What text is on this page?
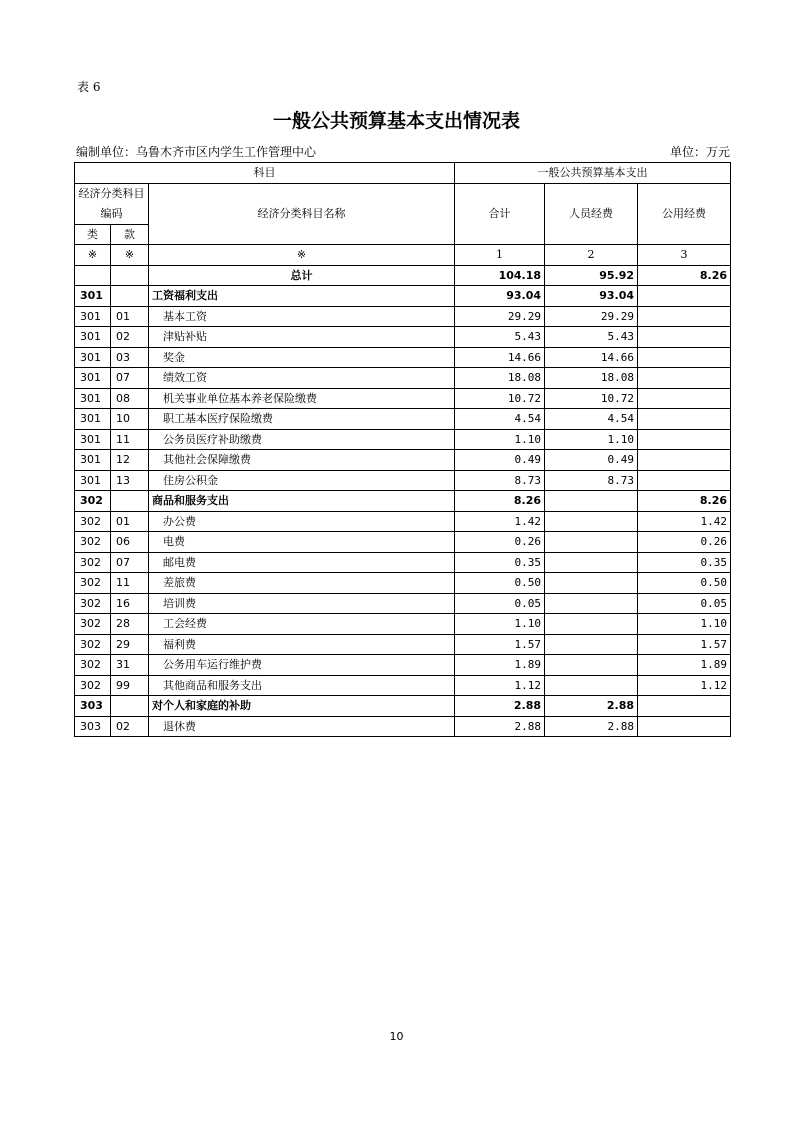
表 6
一般公共预算基本支出情况表
编制单位：乌鲁木齐市区内学生工作管理中心	单位：万元
科目			一般公共预算基本支出		
经济分类科目编码		经济分类科目名称	合计	人员经费	公用经费
类	款				
※	※	※	1	2	3
		总计	104.18	95.92	8.26
301		工资福利支出	93.04	93.04	
301	01	基本工资	29.29	29.29	
301	02	津贴补贴	5.43	5.43	
301	03	奖金	14.66	14.66	
301	07	绩效工资	18.08	18.08	
301	08	机关事业单位基本养老保险缴费	10.72	10.72	
301	10	职工基本医疗保险缴费	4.54	4.54	
301	11	公务员医疗补助缴费	1.10	1.10	
301	12	其他社会保障缴费	0.49	0.49	
301	13	住房公积金	8.73	8.73	
302		商品和服务支出	8.26		8.26
302	01	办公费	1.42		1.42
302	06	电费	0.26		0.26
302	07	邮电费	0.35		0.35
302	11	差旅费	0.50		0.50
302	16	培训费	0.05		0.05
302	28	工会经费	1.10		1.10
302	29	福利费	1.57		1.57
302	31	公务用车运行维护费	1.89		1.89
302	99	其他商品和服务支出	1.12		1.12
303		对个人和家庭的补助	2.88	2.88	
303	02	退休费	2.88	2.88	
10
